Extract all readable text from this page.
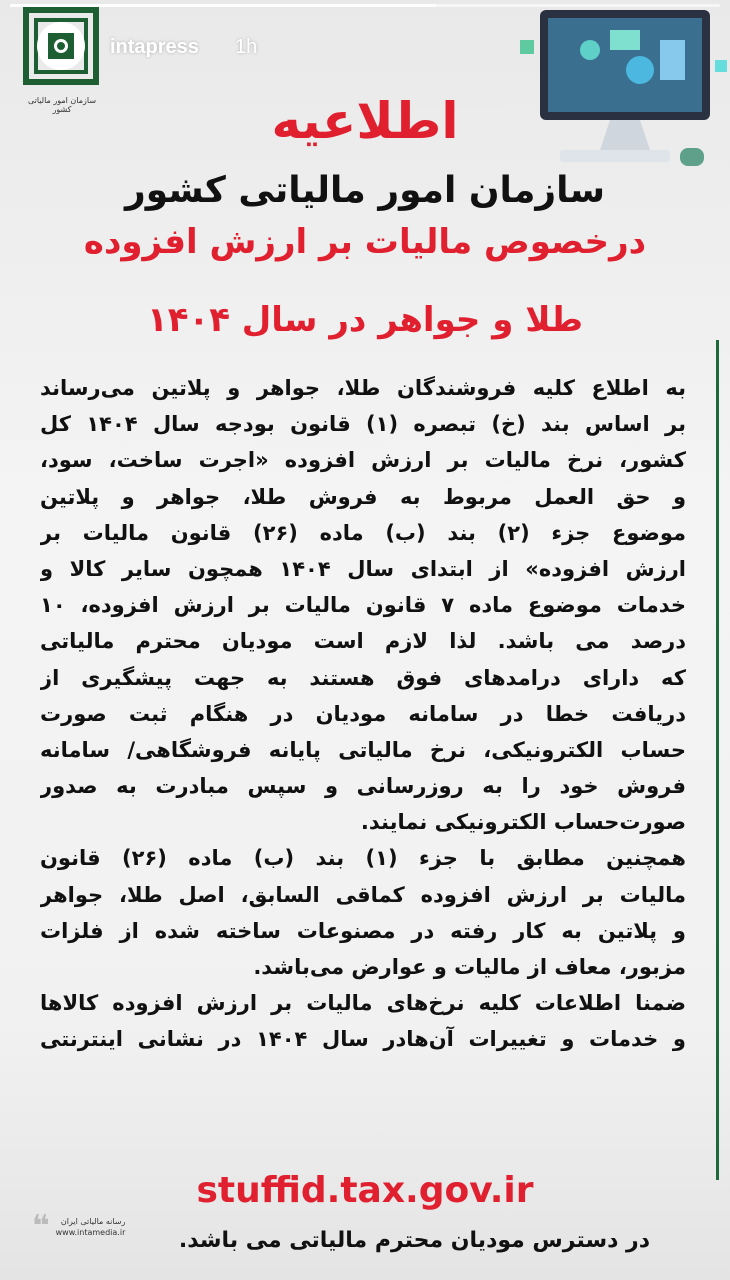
سازمان امور مالیاتی کشور
intapress 1h
اطلاعیه
سازمان امور مالیاتی کشور
درخصوص مالیات بر ارزش افزوده
طلا و جواهر در سال ۱۴۰۴
به اطلاع کلیه فروشندگان طلا، جواهر و پلاتین می‌رساند
بر اساس بند (خ) تبصره (۱) قانون بودجه سال ۱۴۰۴ کل
کشور، نرخ مالیات بر ارزش افزوده «اجرت ساخت، سود،
و حق العمل مربوط به فروش طلا، جواهر و پلاتین
موضوع جزء (۲) بند (ب) ماده (۲۶) قانون مالیات بر
ارزش افزوده» از ابتدای سال ۱۴۰۴ همچون سایر کالا و
خدمات موضوع ماده ۷ قانون مالیات بر ارزش افزوده، ۱۰
درصد می باشد. لذا لازم است مودیان محترم مالیاتی
که دارای درامدهای فوق هستند به جهت پیشگیری از
دریافت خطا در سامانه مودیان در هنگام ثبت صورت
حساب الکترونیکی، نرخ مالیاتی پایانه فروشگاهی/ سامانه
فروش خود را به روزرسانی و سپس مبادرت به صدور
صورت‌حساب الکترونیکی نمایند.
همچنین مطابق با جزء (۱) بند (ب) ماده (۲۶) قانون
مالیات بر ارزش افزوده کماقی السابق، اصل طلا، جواهر
و پلاتین به کار رفته در مصنوعات ساخته شده از فلزات
مزبور، معاف از مالیات و عوارض می‌باشد.
ضمنا اطلاعات کلیه نرخ‌های مالیات بر ارزش افزوده کالاها
و خدمات و تغییرات آن‌هادر سال ۱۴۰۴ در نشانی اینترنتی
stuffid.tax.gov.ir
❝	رسانه مالیاتی ایران
www.intamedia.ir	در دسترس مودیان محترم مالیاتی می باشد.
